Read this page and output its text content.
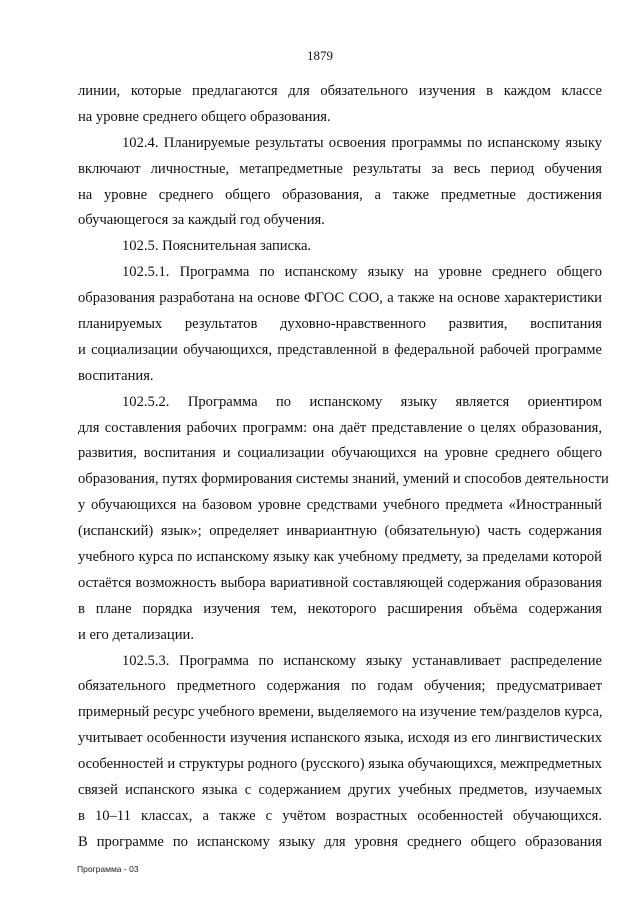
1879
линии, которые предлагаются для обязательного изучения в каждом классе
на уровне среднего общего образования.
102.4. Планируемые результаты освоения программы по испанскому языку
включают личностные, метапредметные результаты за весь период обучения
на уровне среднего общего образования, а также предметные достижения
обучающегося за каждый год обучения.
102.5. Пояснительная записка.
102.5.1. Программа по испанскому языку на уровне среднего общего
образования разработана на основе ФГОС СОО, а также на основе характеристики
планируемых результатов духовно-нравственного развития, воспитания
и социализации обучающихся, представленной в федеральной рабочей программе
воспитания.
102.5.2. Программа по испанскому языку является ориентиром
для составления рабочих программ: она даёт представление о целях образования,
развития, воспитания и социализации обучающихся на уровне среднего общего
образования, путях формирования системы знаний, умений и способов деятельности
у обучающихся на базовом уровне средствами учебного предмета «Иностранный
(испанский) язык»; определяет инвариантную (обязательную) часть содержания
учебного курса по испанскому языку как учебному предмету, за пределами которой
остаётся возможность выбора вариативной составляющей содержания образования
в плане порядка изучения тем, некоторого расширения объёма содержания
и его детализации.
102.5.3. Программа по испанскому языку устанавливает распределение
обязательного предметного содержания по годам обучения; предусматривает
примерный ресурс учебного времени, выделяемого на изучение тем/разделов курса,
учитывает особенности изучения испанского языка, исходя из его лингвистических
особенностей и структуры родного (русского) языка обучающихся, межпредметных
связей испанского языка с содержанием других учебных предметов, изучаемых
в 10–11 классах, а также с учётом возрастных особенностей обучающихся.
В программе по испанскому языку для уровня среднего общего образования
Программа - 03
